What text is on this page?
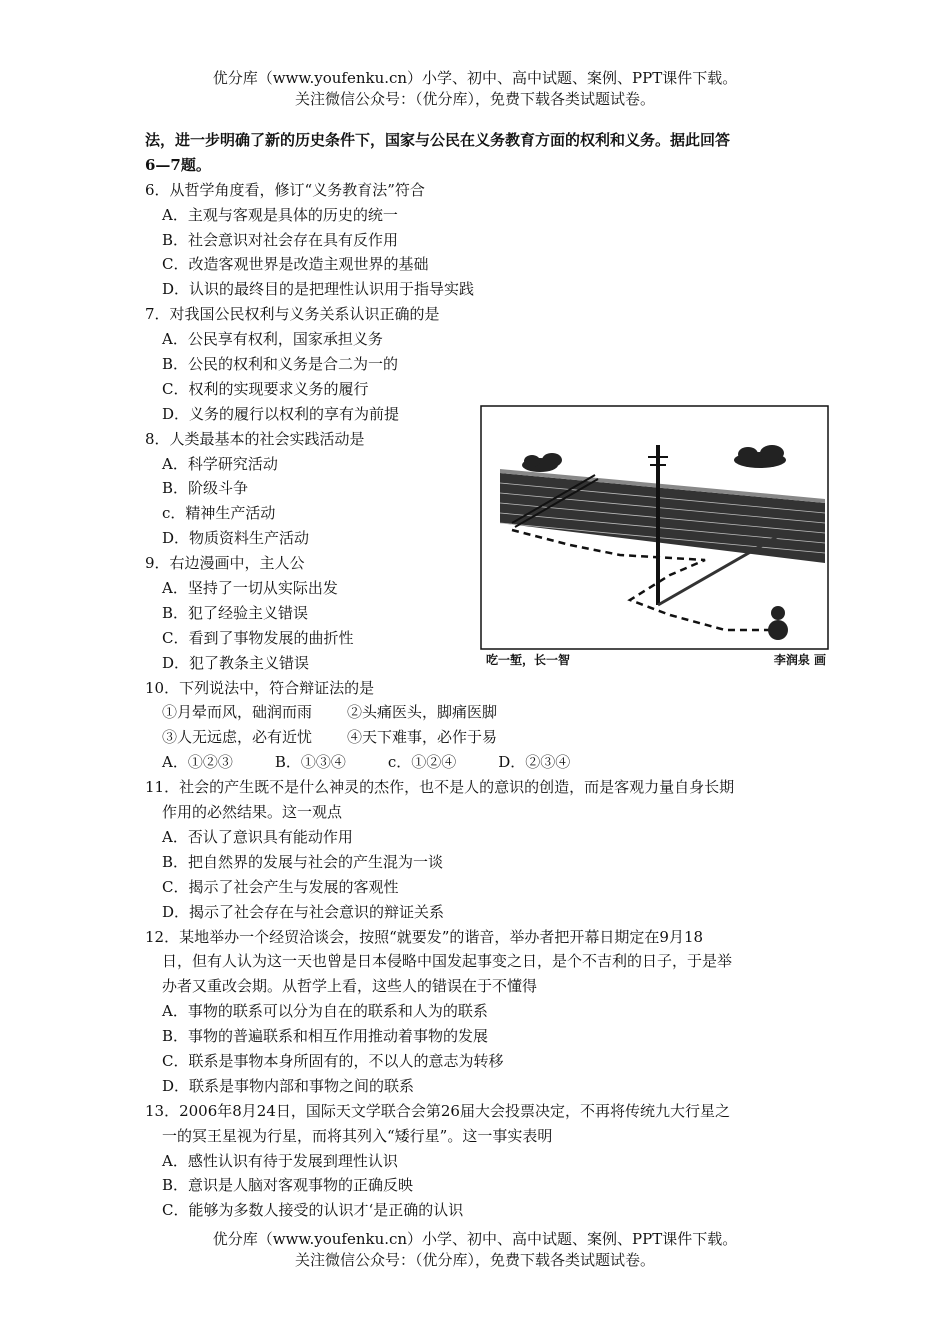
优分库（www.youfenku.cn）小学、初中、高中试题、案例、PPT课件下载。
关注微信公众号：（优分库），免费下载各类试题试卷。
法，进一步明确了新的历史条件下，国家与公民在义务教育方面的权利和义务。据此回答
6—7题。
6．从哲学角度看，修订“义务教育法”符合
A．主观与客观是具体的历史的统一
B．社会意识对社会存在具有反作用
C．改造客观世界是改造主观世界的基础
D．认识的最终目的是把理性认识用于指导实践
7．对我国公民权利与义务关系认识正确的是
A．公民享有权利，国家承担义务
B．公民的权利和义务是合二为一的
C．权利的实现要求义务的履行
D．义务的履行以权利的享有为前提
8．人类最基本的社会实践活动是
A．科学研究活动
B．阶级斗争
c．精神生产活动
D．物质资料生产活动
9．右边漫画中，主人公
A．坚持了一切从实际出发
B．犯了经验主义错误
C．看到了事物发展的曲折性
D．犯了教条主义错误
10．下列说法中，符合辩证法的是
①月晕而风，础润而雨	②头痛医头，脚痛医脚
③人无远虑，必有近忧	④天下难事，必作于易
A．①②③	B．①③④	c．①②④	D．②③④
11．社会的产生既不是什么神灵的杰作，也不是人的意识的创造，而是客观力量自身长期
作用的必然结果。这一观点
A．否认了意识具有能动作用
B．把自然界的发展与社会的产生混为一谈
C．揭示了社会产生与发展的客观性
D．揭示了社会存在与社会意识的辩证关系
12．某地举办一个经贸洽谈会，按照“就要发”的谐音，举办者把开幕日期定在9月18
日，但有人认为这一天也曾是日本侵略中国发起事变之日，是个不吉利的日子，于是举
办者又重改会期。从哲学上看，这些人的错误在于不懂得
A．事物的联系可以分为自在的联系和人为的联系
B．事物的普遍联系和相互作用推动着事物的发展
C．联系是事物本身所固有的，不以人的意志为转移
D．联系是事物内部和事物之间的联系
13．2006年8月24日，国际天文学联合会第26届大会投票决定，不再将传统九大行星之
一的冥王星视为行星，而将其列入“矮行星”。这一事实表明
A．感性认识有待于发展到理性认识
B．意识是人脑对客观事物的正确反映
C．能够为多数人接受的认识才‘是正确的认识
吃一堑，长一智	李润泉 画
优分库（www.youfenku.cn）小学、初中、高中试题、案例、PPT课件下载。
关注微信公众号：（优分库），免费下载各类试题试卷。
